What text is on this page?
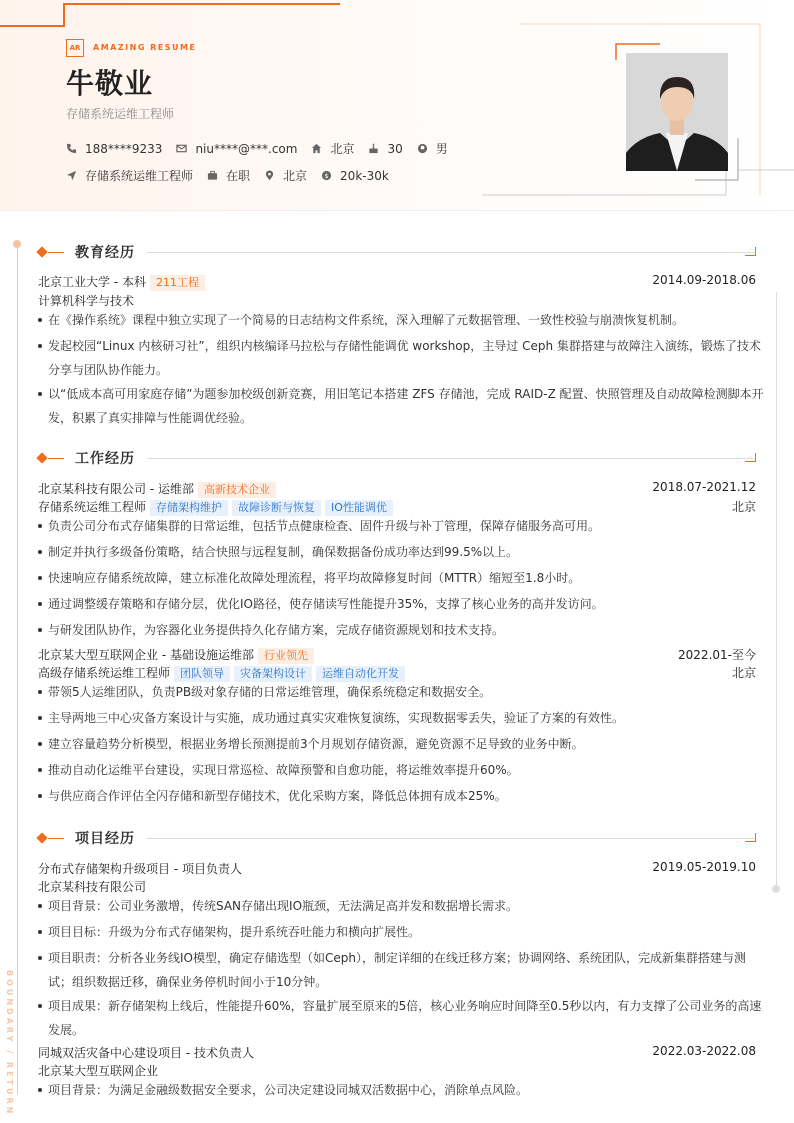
AR	AMAZING RESUME
牛敬业
存储系统运维工程师
188****9233	niu****@***.com	北京	30	男
存储系统运维工程师	在职	北京 $ 20k-30k
BOUNDARY / RETURN
教育经历
北京工业大学 - 本科 211工程	2014.09-2018.06
计算机科学与技术
在《操作系统》课程中独立实现了一个简易的日志结构文件系统，深入理解了元数据管理、一致性校验与崩溃恢复机制。
发起校园“Linux 内核研习社”，组织内核编译马拉松与存储性能调优 workshop，主导过 Ceph 集群搭建与故障注入演练，锻炼了技术分享与团队协作能力。
以“低成本高可用家庭存储”为题参加校级创新竞赛，用旧笔记本搭建 ZFS 存储池，完成 RAID-Z 配置、快照管理及自动故障检测脚本开发，积累了真实排障与性能调优经验。
工作经历
北京某科技有限公司 - 运维部 高新技术企业	2018.07-2021.12
存储系统运维工程师 存储架构维护 故障诊断与恢复 IO性能调优	北京
负责公司分布式存储集群的日常运维，包括节点健康检查、固件升级与补丁管理，保障存储服务高可用。
制定并执行多级备份策略，结合快照与远程复制，确保数据备份成功率达到99.5%以上。
快速响应存储系统故障，建立标准化故障处理流程，将平均故障修复时间（MTTR）缩短至1.8小时。
通过调整缓存策略和存储分层，优化IO路径，使存储读写性能提升35%，支撑了核心业务的高并发访问。
与研发团队协作，为容器化业务提供持久化存储方案，完成存储资源规划和技术支持。
北京某大型互联网企业 - 基础设施运维部 行业领先	2022.01-至今
高级存储系统运维工程师 团队领导 灾备架构设计 运维自动化开发	北京
带领5人运维团队，负责PB级对象存储的日常运维管理，确保系统稳定和数据安全。
主导两地三中心灾备方案设计与实施，成功通过真实灾难恢复演练，实现数据零丢失，验证了方案的有效性。
建立容量趋势分析模型，根据业务增长预测提前3个月规划存储资源，避免资源不足导致的业务中断。
推动自动化运维平台建设，实现日常巡检、故障预警和自愈功能，将运维效率提升60%。
与供应商合作评估全闪存储和新型存储技术，优化采购方案，降低总体拥有成本25%。
项目经历
分布式存储架构升级项目 - 项目负责人	2019.05-2019.10
北京某科技有限公司
项目背景：公司业务激增，传统SAN存储出现IO瓶颈，无法满足高并发和数据增长需求。
项目目标：升级为分布式存储架构，提升系统吞吐能力和横向扩展性。
项目职责：分析各业务线IO模型，确定存储选型（如Ceph），制定详细的在线迁移方案；协调网络、系统团队，完成新集群搭建与测试；组织数据迁移，确保业务停机时间小于10分钟。
项目成果：新存储架构上线后，性能提升60%，容量扩展至原来的5倍，核心业务响应时间降至0.5秒以内，有力支撑了公司业务的高速发展。
同城双活灾备中心建设项目 - 技术负责人	2022.03-2022.08
北京某大型互联网企业
项目背景：为满足金融级数据安全要求，公司决定建设同城双活数据中心，消除单点风险。
